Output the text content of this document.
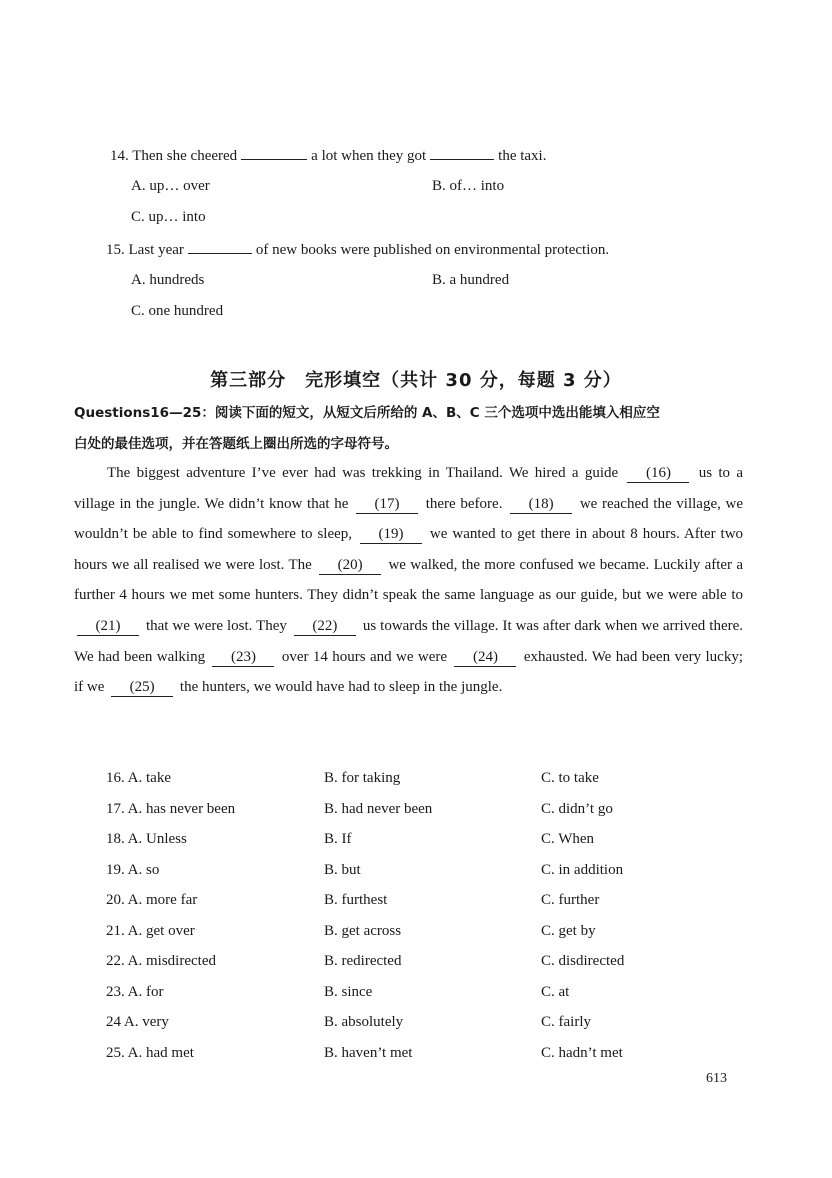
14. Then she cheered	a lot when they got	the taxi.
A. up… over	B. of… into
C. up… into
15. Last year	of new books were published on environmental protection.
A. hundreds	B. a hundred
C. one hundred
第三部分　完形填空（共计 30 分，每题 3 分）
Questions16—25：阅读下面的短文，从短文后所给的 A、B、C 三个选项中选出能填入相应空
白处的最佳选项，并在答题纸上圈出所选的字母符号。
The biggest adventure I’ve ever had was trekking in Thailand. We hired a guide (16) us to a village in the jungle. We didn’t know that he (17) there before. (18) we reached the village, we wouldn’t be able to find somewhere to sleep, (19) we wanted to get there in about 8 hours. After two hours we all realised we were lost. The (20) we walked, the more confused we became. Luckily after a further 4 hours we met some hunters. They didn’t speak the same language as our guide, but we were able to (21) that we were lost. They (22) us towards the village. It was after dark when we arrived there. We had been walking (23) over 14 hours and we were (24) exhausted. We had been very lucky; if we (25) the hunters, we would have had to sleep in the jungle.
16. A. take	B. for taking	C. to take
17. A. has never been	B. had never been	C. didn’t go
18. A. Unless	B. If	C. When
19. A. so	B. but	C. in addition
20. A. more far	B. furthest	C. further
21. A. get over	B. get across	C. get by
22. A. misdirected	B. redirected	C. disdirected
23. A. for	B. since	C. at
24 A. very	B. absolutely	C. fairly
25. A. had met	B. haven’t met	C. hadn’t met
613
